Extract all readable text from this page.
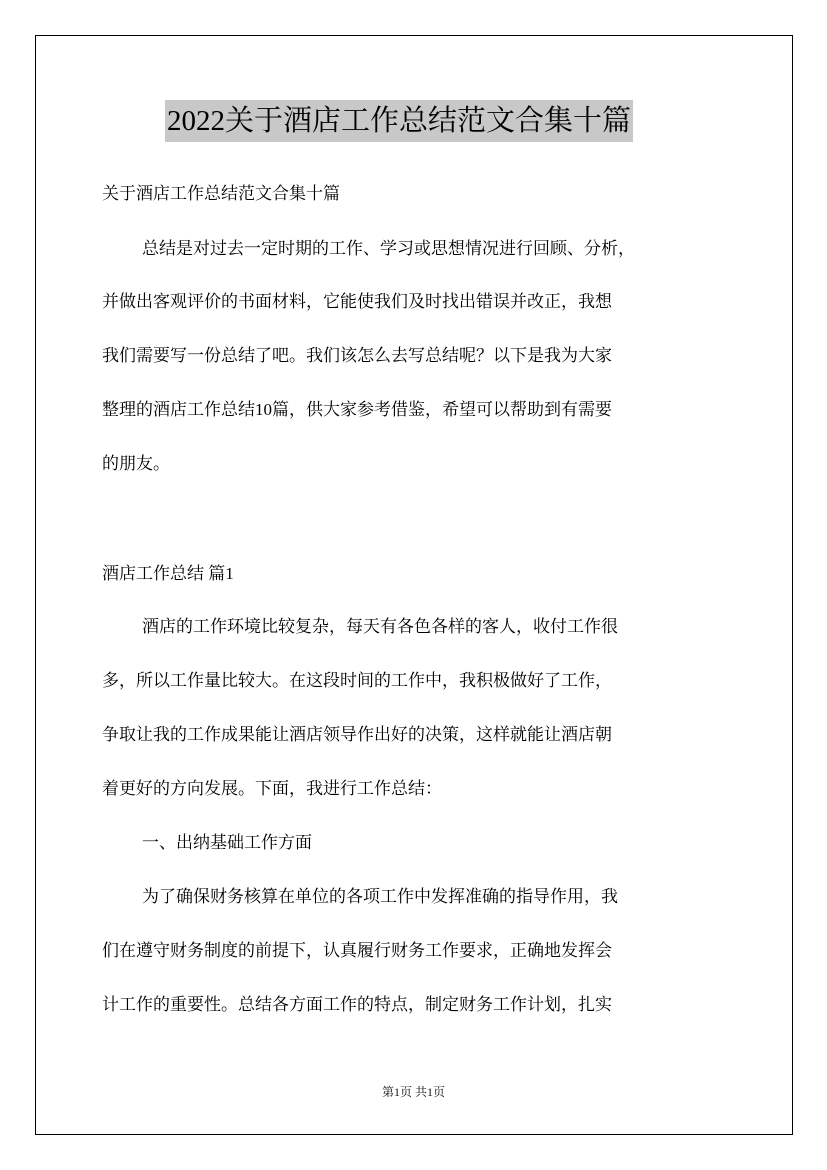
2022关于酒店工作总结范文合集十篇
关于酒店工作总结范文合集十篇
总结是对过去一定时期的工作、学习或思想情况进行回顾、分析，
并做出客观评价的书面材料，它能使我们及时找出错误并改正，我想
我们需要写一份总结了吧。我们该怎么去写总结呢？以下是我为大家
整理的酒店工作总结10篇，供大家参考借鉴，希望可以帮助到有需要
的朋友。
酒店工作总结 篇1
酒店的工作环境比较复杂，每天有各色各样的客人，收付工作很
多，所以工作量比较大。在这段时间的工作中，我积极做好了工作，
争取让我的工作成果能让酒店领导作出好的决策，这样就能让酒店朝
着更好的方向发展。下面，我进行工作总结：
一、出纳基础工作方面
为了确保财务核算在单位的各项工作中发挥准确的指导作用，我
们在遵守财务制度的前提下，认真履行财务工作要求，正确地发挥会
计工作的重要性。总结各方面工作的特点，制定财务工作计划，扎实
第1页 共1页
